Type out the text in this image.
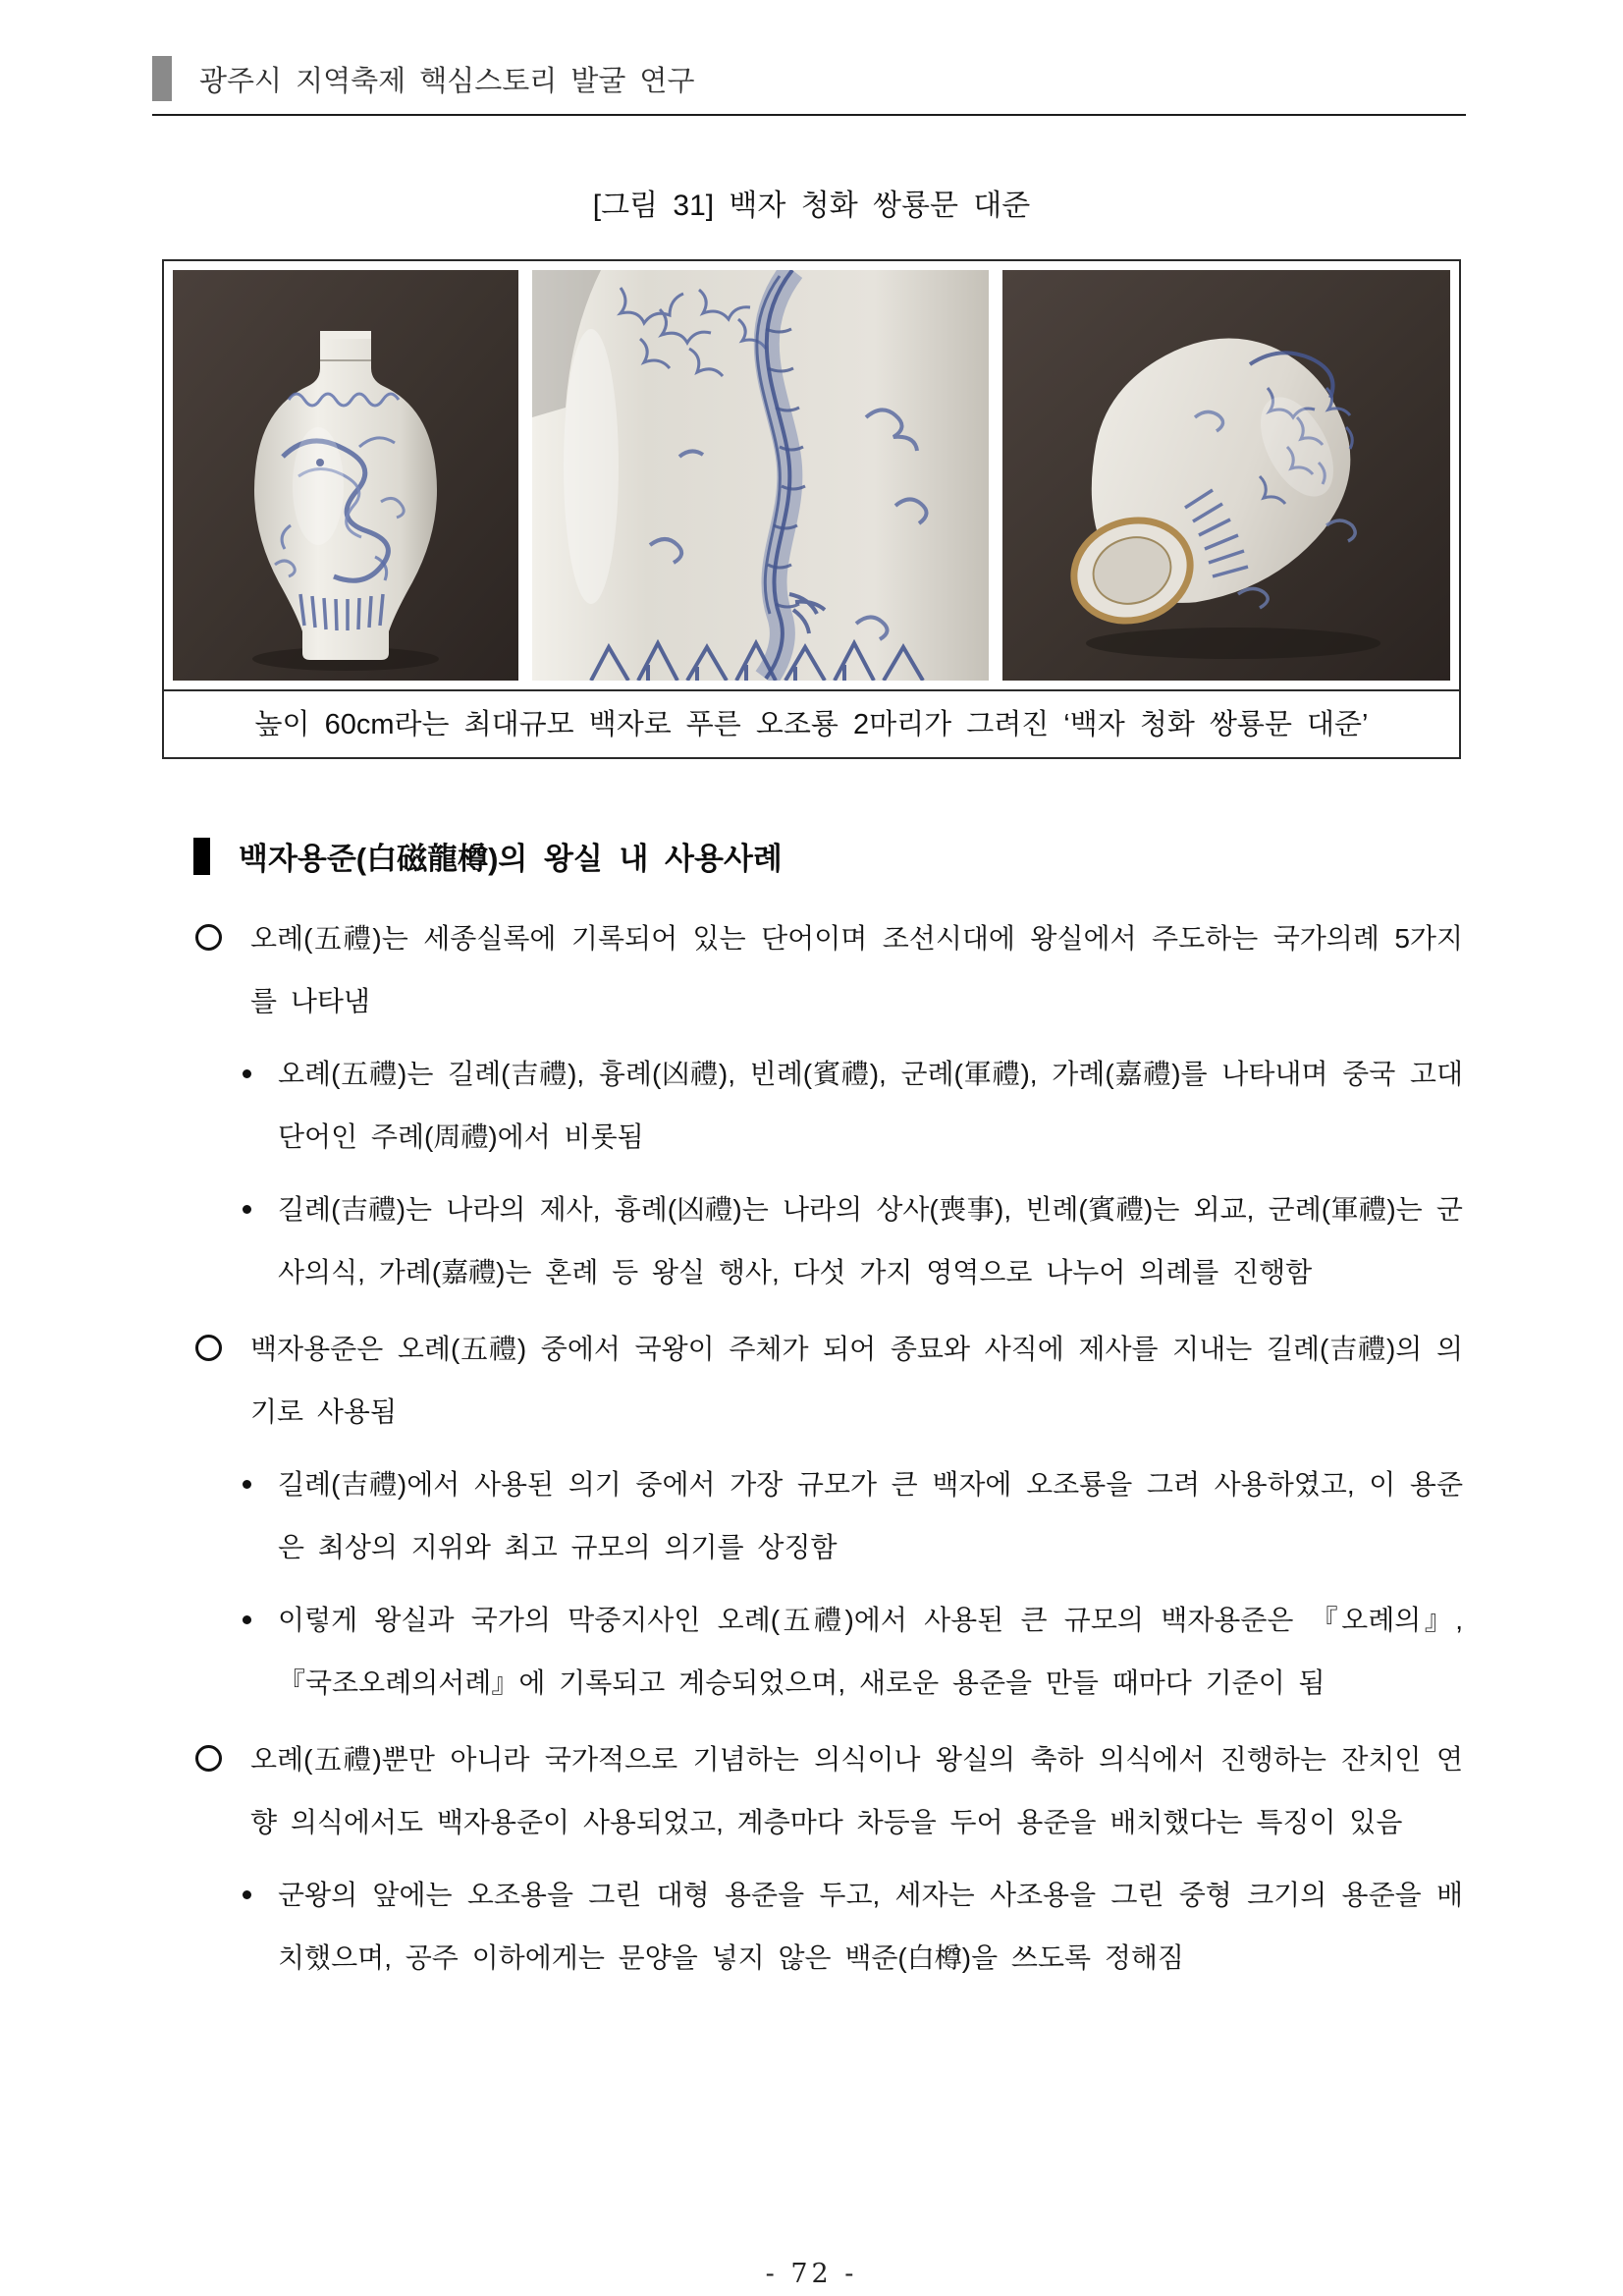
광주시 지역축제 핵심스토리 발굴 연구
[그림 31] 백자 청화 쌍룡문 대준
높이 60cm라는 최대규모 백자로 푸른 오조룡 2마리가 그려진 ‘백자 청화 쌍룡문 대준’
백자용준(白磁龍樽)의 왕실 내 사용사례
오례(五禮)는 세종실록에 기록되어 있는 단어이며 조선시대에 왕실에서 주도하는 국가의례 5가지를 나타냄
오례(五禮)는 길례(吉禮), 흉례(凶禮), 빈례(賓禮), 군례(軍禮), 가례(嘉禮)를 나타내며 중국 고대 단어인 주례(周禮)에서 비롯됨
길례(吉禮)는 나라의 제사, 흉례(凶禮)는 나라의 상사(喪事), 빈례(賓禮)는 외교, 군례(軍禮)는 군사의식, 가례(嘉禮)는 혼례 등 왕실 행사, 다섯 가지 영역으로 나누어 의례를 진행함
백자용준은 오례(五禮) 중에서 국왕이 주체가 되어 종묘와 사직에 제사를 지내는 길례(吉禮)의 의기로 사용됨
길례(吉禮)에서 사용된 의기 중에서 가장 규모가 큰 백자에 오조룡을 그려 사용하였고, 이 용준은 최상의 지위와 최고 규모의 의기를 상징함
이렇게 왕실과 국가의 막중지사인 오례(五禮)에서 사용된 큰 규모의 백자용준은 『오례의』, 『국조오례의서례』에 기록되고 계승되었으며, 새로운 용준을 만들 때마다 기준이 됨
오례(五禮)뿐만 아니라 국가적으로 기념하는 의식이나 왕실의 축하 의식에서 진행하는 잔치인 연향 의식에서도 백자용준이 사용되었고, 계층마다 차등을 두어 용준을 배치했다는 특징이 있음
군왕의 앞에는 오조용을 그린 대형 용준을 두고, 세자는 사조용을 그린 중형 크기의 용준을 배치했으며, 공주 이하에게는 문양을 넣지 않은 백준(白樽)을 쓰도록 정해짐
- 72 -
